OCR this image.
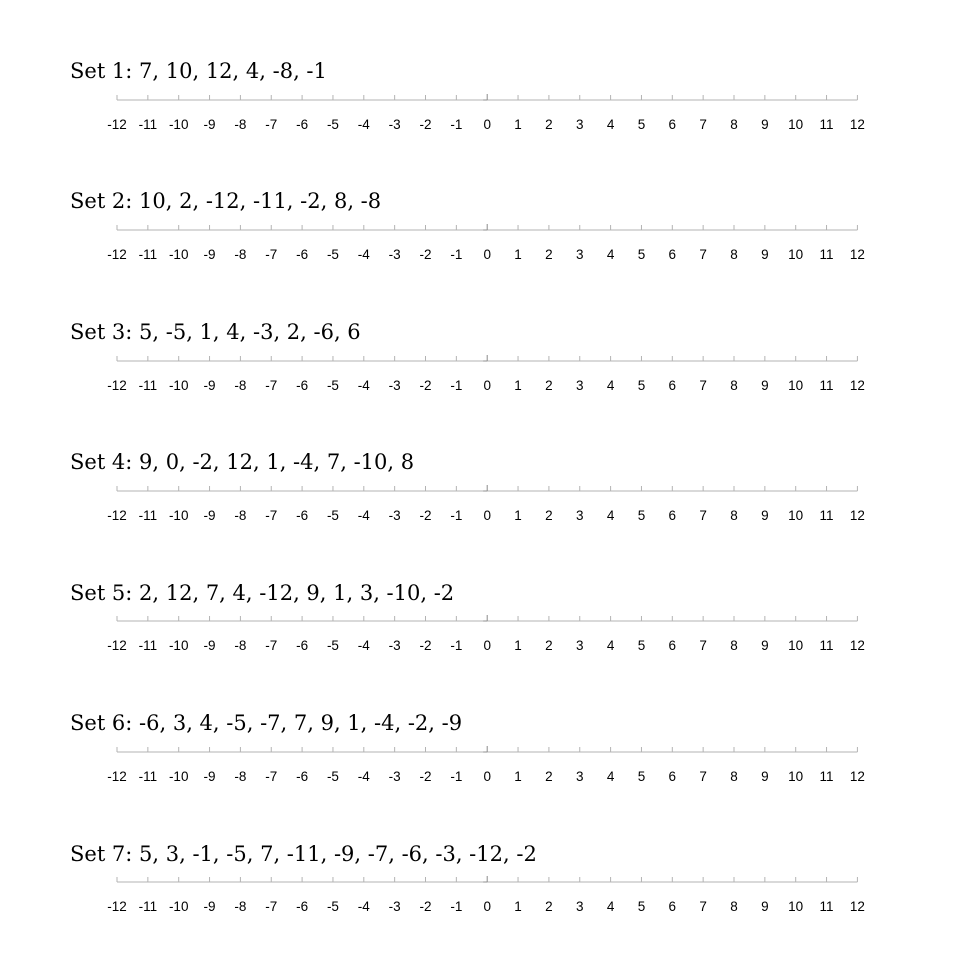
Set 1: 7, 10, 12, 4, -8, -1
-12 -11 -10 -9 -8 -7 -6 -5 -4 -3 -2 -1 0 1 2 3 4 5 6 7 8 9 10 11 12
Set 2: 10, 2, -12, -11, -2, 8, -8
-12 -11 -10 -9 -8 -7 -6 -5 -4 -3 -2 -1 0 1 2 3 4 5 6 7 8 9 10 11 12
Set 3: 5, -5, 1, 4, -3, 2, -6, 6
-12 -11 -10 -9 -8 -7 -6 -5 -4 -3 -2 -1 0 1 2 3 4 5 6 7 8 9 10 11 12
Set 4: 9, 0, -2, 12, 1, -4, 7, -10, 8
-12 -11 -10 -9 -8 -7 -6 -5 -4 -3 -2 -1 0 1 2 3 4 5 6 7 8 9 10 11 12
Set 5: 2, 12, 7, 4, -12, 9, 1, 3, -10, -2
-12 -11 -10 -9 -8 -7 -6 -5 -4 -3 -2 -1 0 1 2 3 4 5 6 7 8 9 10 11 12
Set 6: -6, 3, 4, -5, -7, 7, 9, 1, -4, -2, -9
-12 -11 -10 -9 -8 -7 -6 -5 -4 -3 -2 -1 0 1 2 3 4 5 6 7 8 9 10 11 12
Set 7: 5, 3, -1, -5, 7, -11, -9, -7, -6, -3, -12, -2
-12 -11 -10 -9 -8 -7 -6 -5 -4 -3 -2 -1 0 1 2 3 4 5 6 7 8 9 10 11 12
